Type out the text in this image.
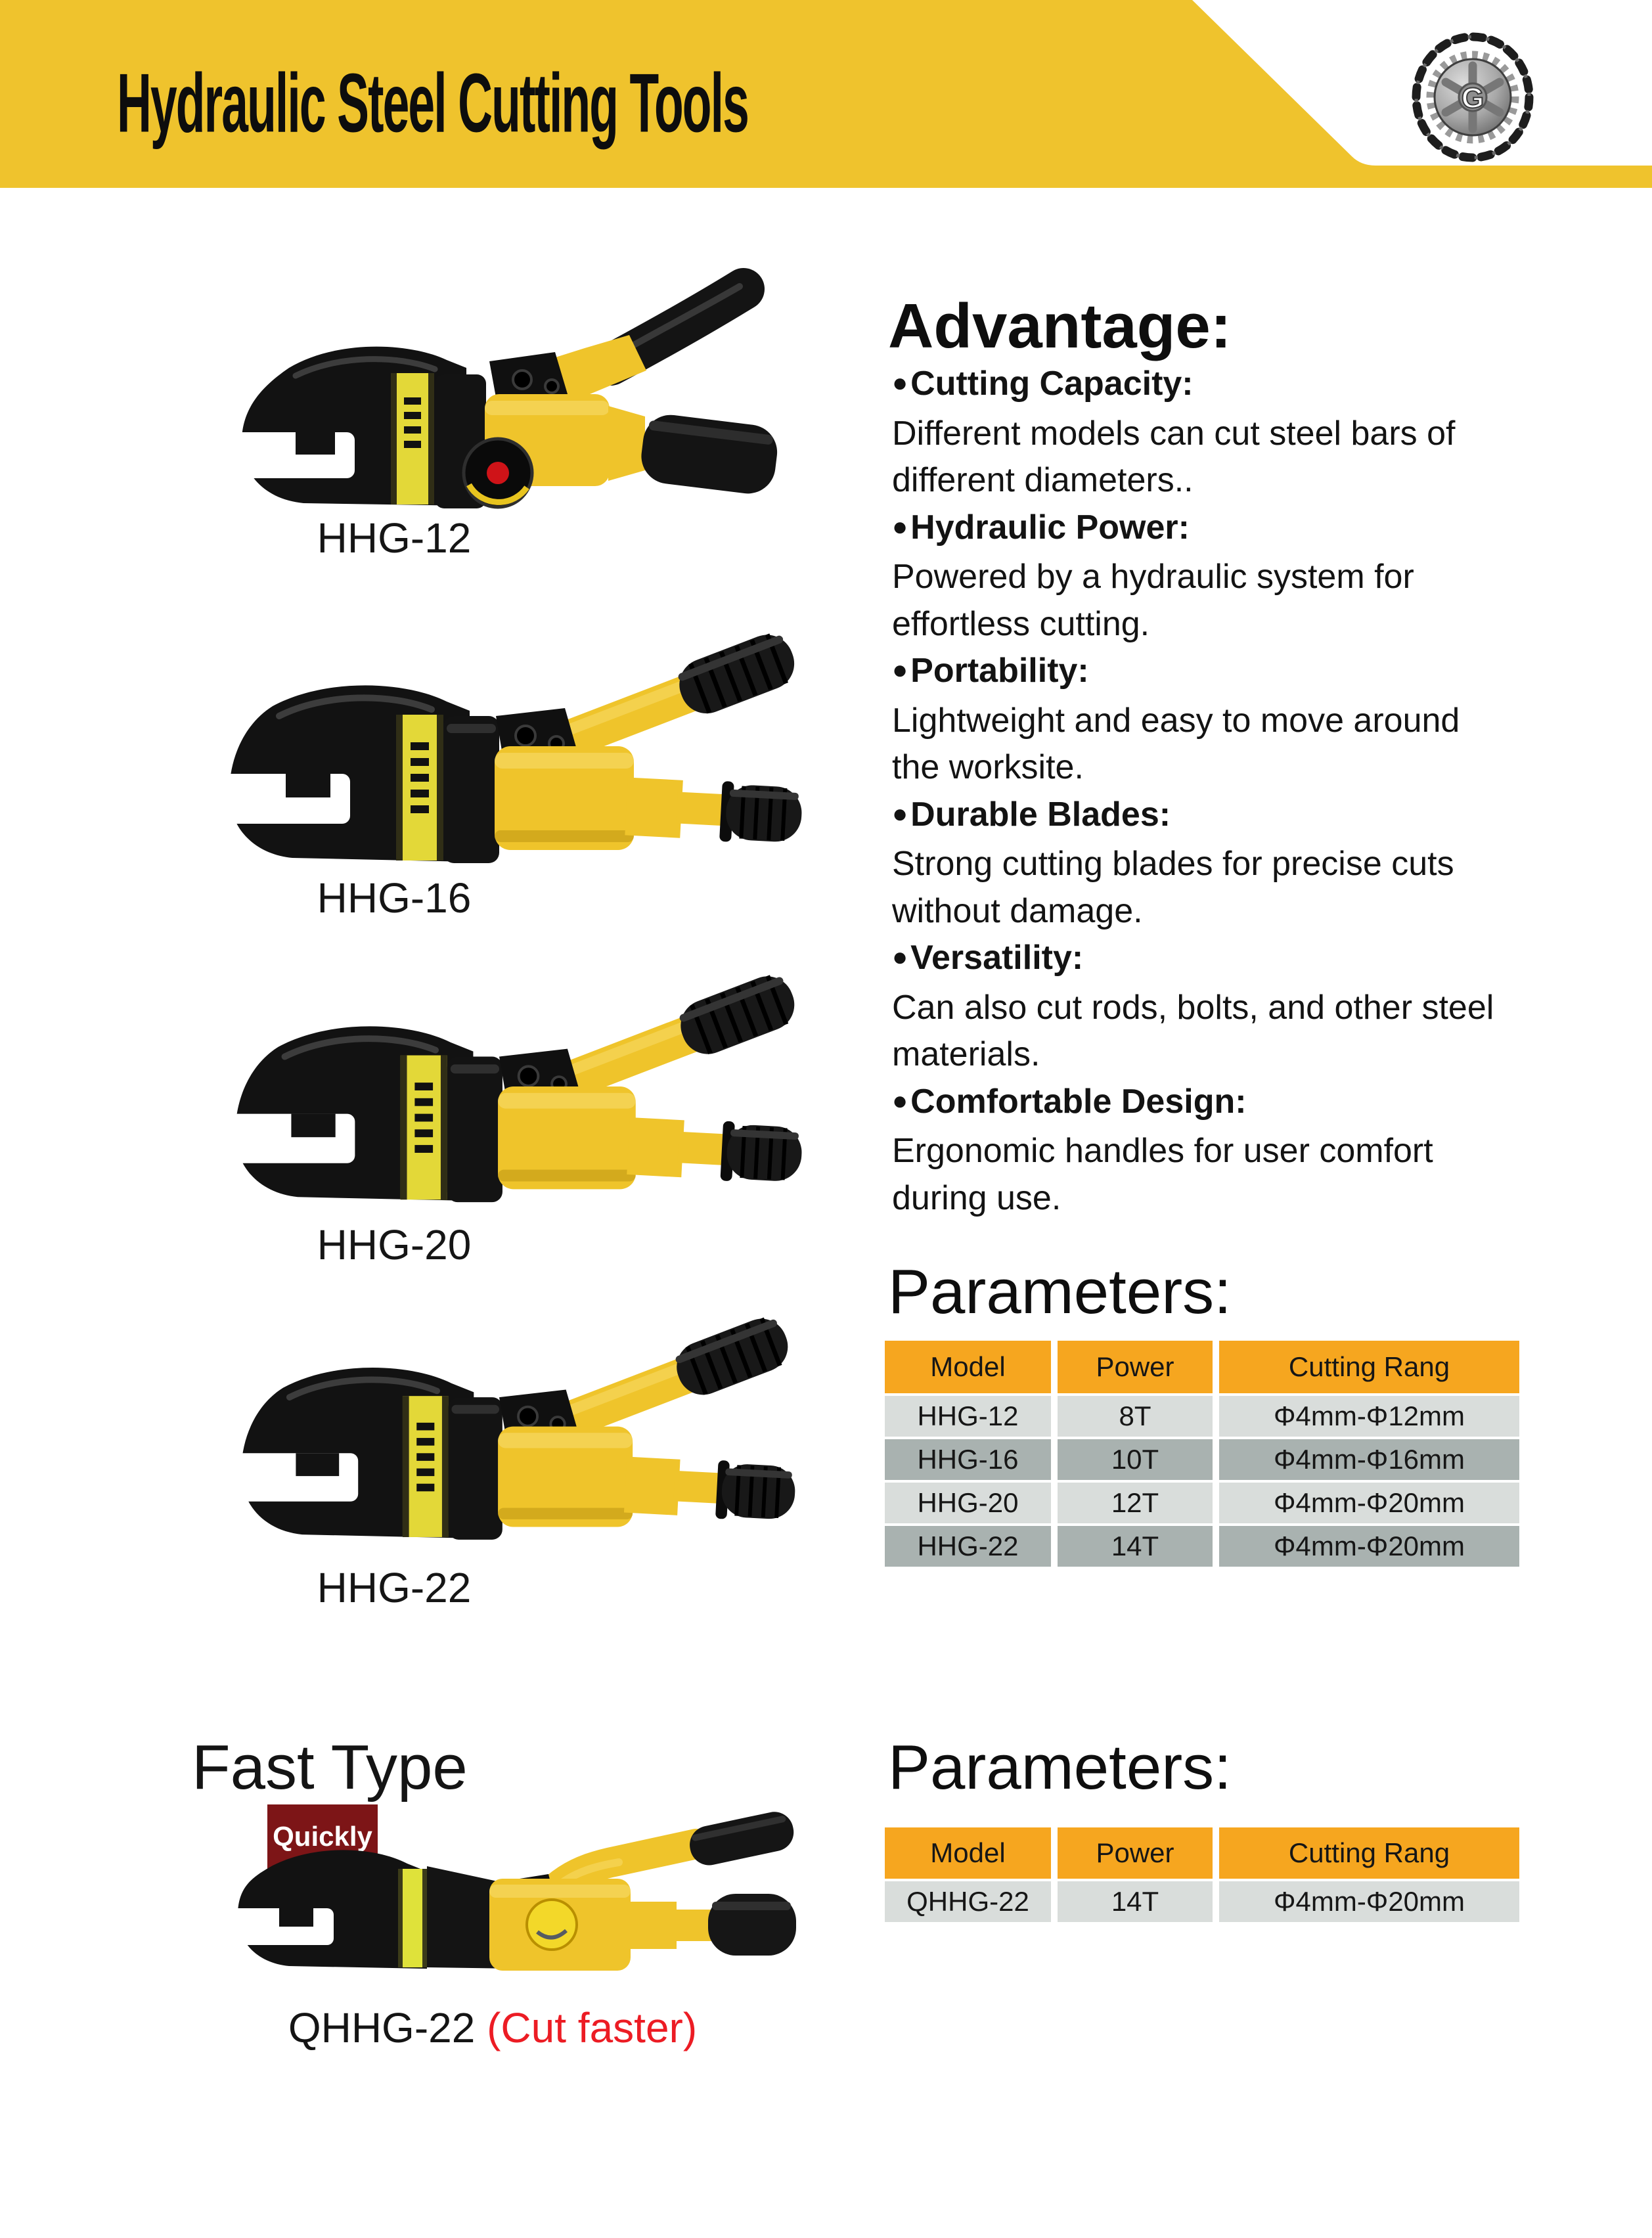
Hydraulic Steel Cutting Tools	G
HHG-12
HHG-16
HHG-20
HHG-22
Fast Type
Quickly
QHHG-22 (Cut faster)
Advantage:
● Cutting Capacity:
Different models can cut steel bars of
different diameters..
● Hydraulic Power:
Powered by a hydraulic system for
effortless cutting.
● Portability:
Lightweight and easy to move around
the worksite.
● Durable Blades:
Strong cutting blades for precise cuts
without damage.
● Versatility:
Can also cut rods, bolts, and other steel
materials.
● Comfortable Design:
Ergonomic handles for user comfort
during use.
Parameters:
Model	Power	Cutting Rang
HHG-12	8T	Φ4mm-Φ12mm
HHG-16	10T	Φ4mm-Φ16mm
HHG-20	12T	Φ4mm-Φ20mm
HHG-22	14T	Φ4mm-Φ20mm
Parameters:
Model	Power	Cutting Rang
QHHG-22	14T	Φ4mm-Φ20mm
